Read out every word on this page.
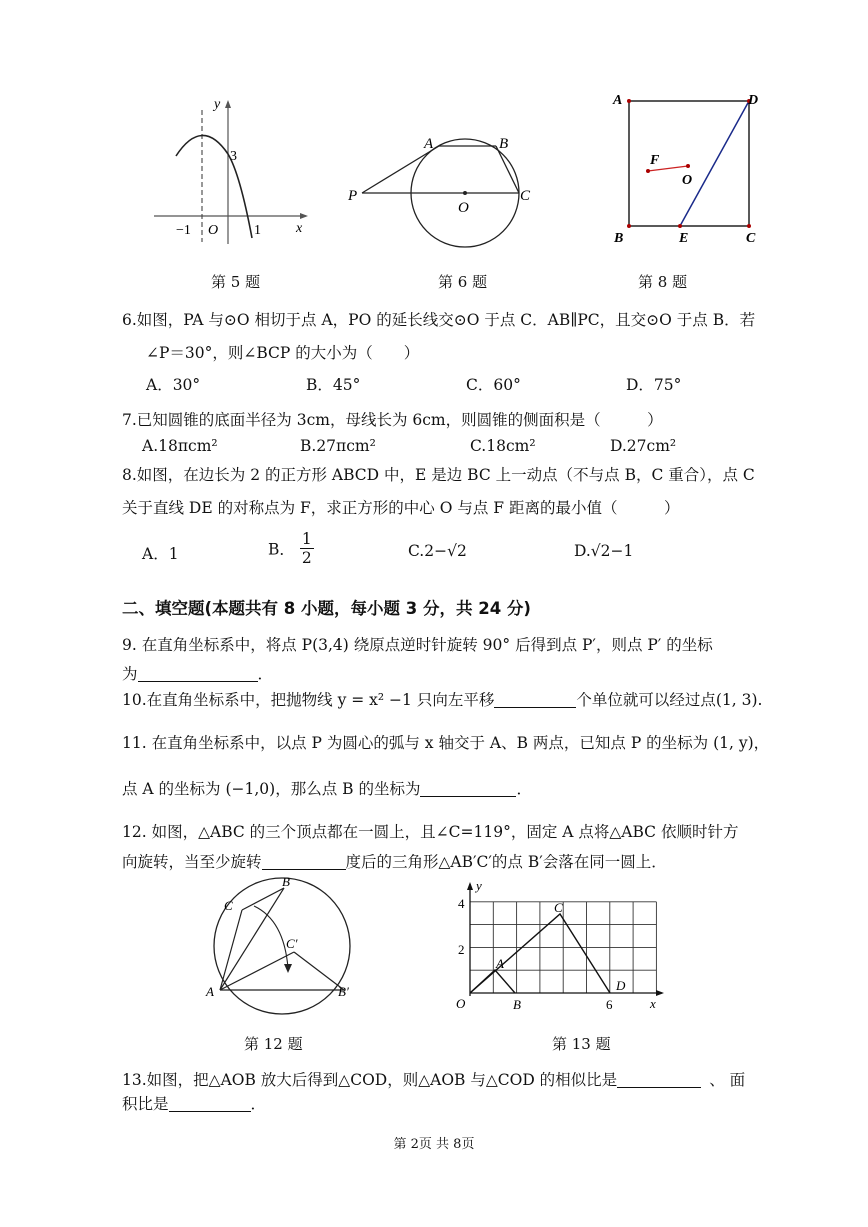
y
x
3
−1 O	1
第 5 题
A	B
P
O
C
第 6 题
A	D
F
O
B	E	C
第 8 题
6.如图，PA 与⊙O 相切于点 A，PO 的延长线交⊙O 于点 C．AB∥PC，且交⊙O 于点 B．若
∠P＝30°，则∠BCP 的大小为（　　）
A．30°	B．45°	C．60°	D．75°
7.已知圆锥的底面半径为 3cm，母线长为 6cm，则圆锥的侧面积是（　　　）
A.18πcm²	B.27πcm²	C.18cm²	D.27cm²
8.如图，在边长为 2 的正方形 ABCD 中，E 是边 BC 上一动点（不与点 B，C 重合），点 C
关于直线 DE 的对称点为 F，求正方形的中心 O 与点 F 距离的最小值（　　　）
A．1	B． $\frac{1}{2}$	C.2−√2	D.√2−1
二、填空题(本题共有 8 小题，每小题 3 分，共 24 分)
9. 在直角坐标系中，将点 P(3,4) 绕原点逆时针旋转 90° 后得到点 P′，则点 P′ 的坐标
为	．
10.在直角坐标系中，把抛物线 y = x² −1 只向左平移	个单位就可以经过点(1, 3).
11. 在直角坐标系中，以点 P 为圆心的弧与 x 轴交于 A、B 两点，已知点 P 的坐标为 (1, y)，
点 A 的坐标为 (−1,0)，那么点 B 的坐标为	．
12. 如图，△ABC 的三个顶点都在一圆上，且∠C=119°，固定 A 点将△ABC 依顺时针方
向旋转，当至少旋转	度后的三角形△AB′C′的点 B′会落在同一圆上．
B
C
C′
A	B′
第 12 题
y
4
2
A
C
O	B
D
6	x
第 13 题
13.如图，把△AOB 放大后得到△COD，则△AOB 与△COD 的相似比是	、 面
积比是	．
第 2页 共 8页
